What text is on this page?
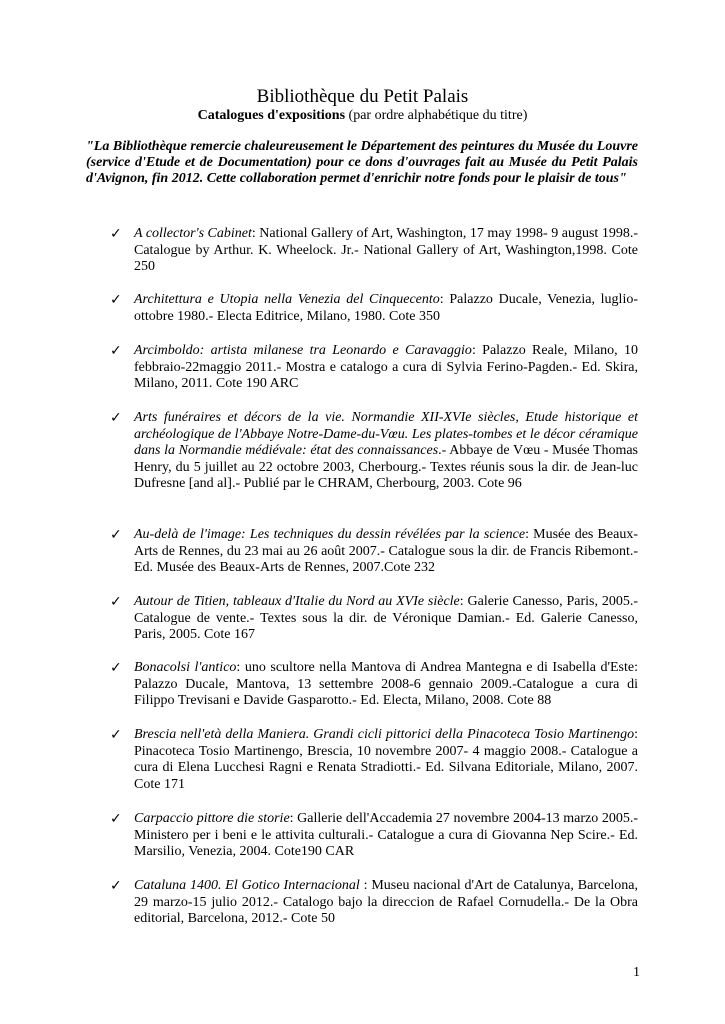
Bibliothèque du Petit Palais
Catalogues d'expositions (par ordre alphabétique du titre)
"La Bibliothèque remercie chaleureusement le Département des peintures du Musée du Louvre (service d'Etude et de Documentation) pour ce dons d'ouvrages fait au Musée du Petit Palais d'Avignon, fin 2012. Cette collaboration permet d'enrichir notre fonds pour le plaisir de tous"
✓ A collector's Cabinet: National Gallery of Art, Washington, 17 may 1998- 9 august 1998.- Catalogue by Arthur. K. Wheelock. Jr.- National Gallery of Art, Washington,1998. Cote 250
✓ Architettura e Utopia nella Venezia del Cinquecento: Palazzo Ducale, Venezia, luglio-ottobre 1980.- Electa Editrice, Milano, 1980. Cote 350
✓ Arcimboldo: artista milanese tra Leonardo e Caravaggio: Palazzo Reale, Milano, 10 febbraio-22maggio 2011.- Mostra e catalogo a cura di Sylvia Ferino-Pagden.- Ed. Skira, Milano, 2011. Cote 190 ARC
✓ Arts funéraires et décors de la vie. Normandie XII-XVIe siècles, Etude historique et archéologique de l'Abbaye Notre-Dame-du-Vœu. Les plates-tombes et le décor céramique dans la Normandie médiévale: état des connaissances.- Abbaye de Vœu - Musée Thomas Henry, du 5 juillet au 22 octobre 2003, Cherbourg.- Textes réunis sous la dir. de Jean-luc Dufresne [and al].- Publié par le CHRAM, Cherbourg, 2003. Cote 96
✓ Au-delà de l'image: Les techniques du dessin révélées par la science: Musée des Beaux-Arts de Rennes, du 23 mai au 26 août 2007.- Catalogue sous la dir. de Francis Ribemont.- Ed. Musée des Beaux-Arts de Rennes, 2007.Cote 232
✓ Autour de Titien, tableaux d'Italie du Nord au XVIe siècle: Galerie Canesso, Paris, 2005.- Catalogue de vente.- Textes sous la dir. de Véronique Damian.- Ed. Galerie Canesso, Paris, 2005. Cote 167
✓ Bonacolsi l'antico: uno scultore nella Mantova di Andrea Mantegna e di Isabella d'Este: Palazzo Ducale, Mantova, 13 settembre 2008-6 gennaio 2009.-Catalogue a cura di Filippo Trevisani e Davide Gasparotto.- Ed. Electa, Milano, 2008. Cote 88
✓ Brescia nell'età della Maniera. Grandi cicli pittorici della Pinacoteca Tosio Martinengo: Pinacoteca Tosio Martinengo, Brescia, 10 novembre 2007- 4 maggio 2008.- Catalogue a cura di Elena Lucchesi Ragni e Renata Stradiotti.- Ed. Silvana Editoriale, Milano, 2007. Cote 171
✓ Carpaccio pittore die storie: Gallerie dell'Accademia 27 novembre 2004-13 marzo 2005.-Ministero per i beni e le attivita culturali.- Catalogue a cura di Giovanna Nep Scire.- Ed. Marsilio, Venezia, 2004. Cote190 CAR
✓ Cataluna 1400. El Gotico Internacional : Museu nacional d'Art de Catalunya, Barcelona, 29 marzo-15 julio 2012.- Catalogo bajo la direccion de Rafael Cornudella.- De la Obra editorial, Barcelona, 2012.- Cote 50
1
